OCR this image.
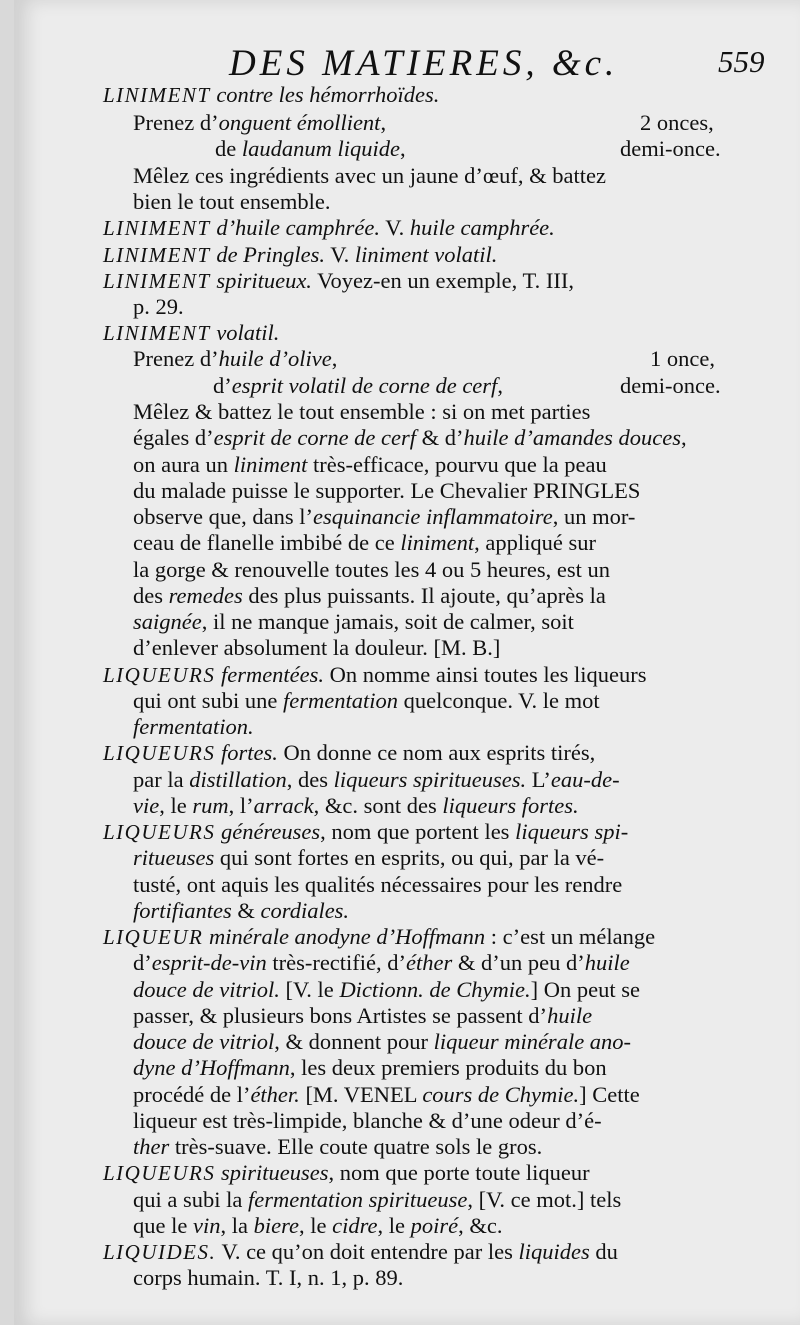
DES MATIERES, &c.	559
LINIMENT contre les hémorrhoïdes.
Prenez d’onguent émollient,	2 onces,
de laudanum liquide,	demi-once.
Mêlez ces ingrédients avec un jaune d’œuf, & battez
bien le tout ensemble.
LINIMENT d’huile camphrée. V. huile camphrée.
LINIMENT de Pringles. V. liniment volatil.
LINIMENT spiritueux. Voyez-en un exemple, T. III,
p. 29.
LINIMENT volatil.
Prenez d’huile d’olive,	1 once,
d’esprit volatil de corne de cerf,	demi-once.
Mêlez & battez le tout ensemble : si on met parties
égales d’esprit de corne de cerf & d’huile d’amandes douces,
on aura un liniment très-efficace, pourvu que la peau
du malade puisse le supporter. Le Chevalier PRINGLES
observe que, dans l’esquinancie inflammatoire, un mor-
ceau de flanelle imbibé de ce liniment, appliqué sur
la gorge & renouvelle toutes les 4 ou 5 heures, est un
des remedes des plus puissants. Il ajoute, qu’après la
saignée, il ne manque jamais, soit de calmer, soit
d’enlever absolument la douleur. [M. B.]
LIQUEURS fermentées. On nomme ainsi toutes les liqueurs
qui ont subi une fermentation quelconque. V. le mot
fermentation.
LIQUEURS fortes. On donne ce nom aux esprits tirés,
par la distillation, des liqueurs spiritueuses. L’eau-de-
vie, le rum, l’arrack, &c. sont des liqueurs fortes.
LIQUEURS généreuses, nom que portent les liqueurs spi-
ritueuses qui sont fortes en esprits, ou qui, par la vé-
tusté, ont aquis les qualités nécessaires pour les rendre
fortifiantes & cordiales.
LIQUEUR minérale anodyne d’Hoffmann : c’est un mélange
d’esprit-de-vin très-rectifié, d’éther & d’un peu d’huile
douce de vitriol. [V. le Dictionn. de Chymie.] On peut se
passer, & plusieurs bons Artistes se passent d’huile
douce de vitriol, & donnent pour liqueur minérale ano-
dyne d’Hoffmann, les deux premiers produits du bon
procédé de l’éther. [M. VENEL cours de Chymie.] Cette
liqueur est très-limpide, blanche & d’une odeur d’é-
ther très-suave. Elle coute quatre sols le gros.
LIQUEURS spiritueuses, nom que porte toute liqueur
qui a subi la fermentation spiritueuse, [V. ce mot.] tels
que le vin, la biere, le cidre, le poiré, &c.
LIQUIDES. V. ce qu’on doit entendre par les liquides du
corps humain. T. I, n. 1, p. 89.
